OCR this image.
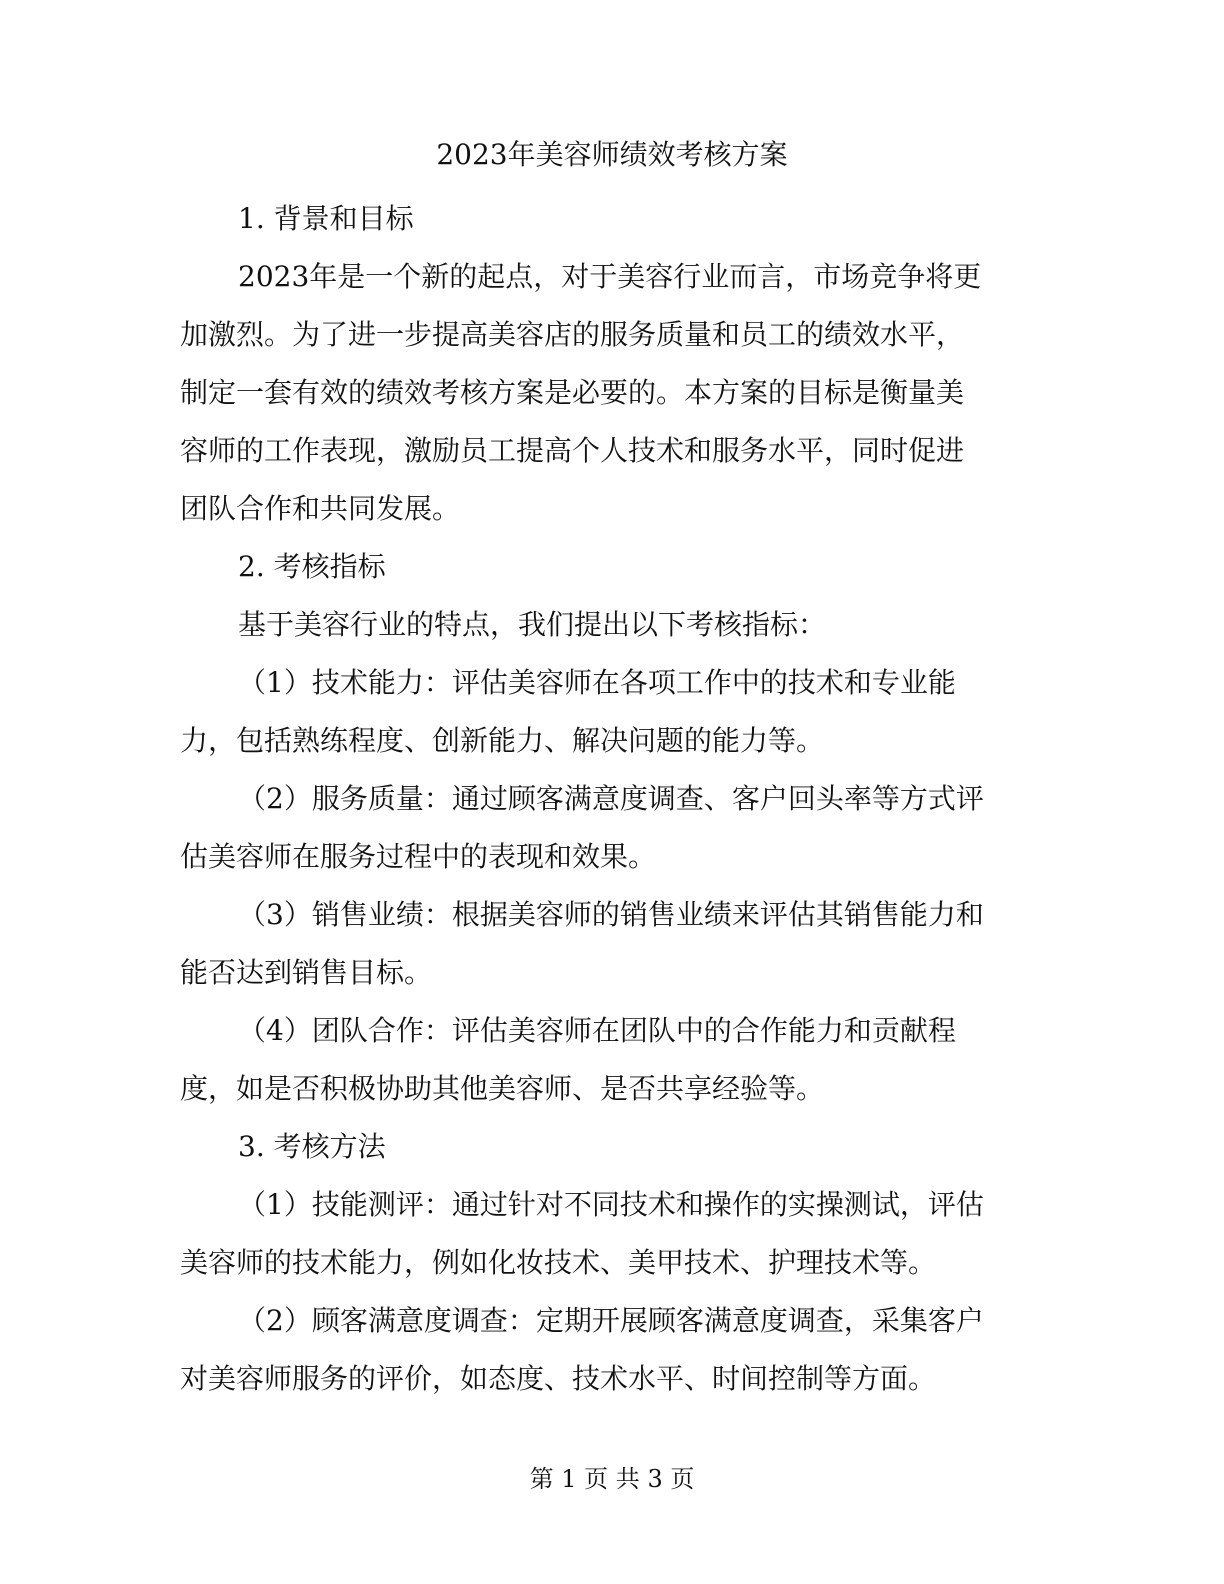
2023年美容师绩效考核方案
1. 背景和目标
2023年是一个新的起点，对于美容行业而言，市场竞争将更
加激烈。为了进一步提高美容店的服务质量和员工的绩效水平，
制定一套有效的绩效考核方案是必要的。本方案的目标是衡量美
容师的工作表现，激励员工提高个人技术和服务水平，同时促进
团队合作和共同发展。
2. 考核指标
基于美容行业的特点，我们提出以下考核指标：
（1）技术能力：评估美容师在各项工作中的技术和专业能
力，包括熟练程度、创新能力、解决问题的能力等。
（2）服务质量：通过顾客满意度调查、客户回头率等方式评
估美容师在服务过程中的表现和效果。
（3）销售业绩：根据美容师的销售业绩来评估其销售能力和
能否达到销售目标。
（4）团队合作：评估美容师在团队中的合作能力和贡献程
度，如是否积极协助其他美容师、是否共享经验等。
3. 考核方法
（1）技能测评：通过针对不同技术和操作的实操测试，评估
美容师的技术能力，例如化妆技术、美甲技术、护理技术等。
（2）顾客满意度调查：定期开展顾客满意度调查，采集客户
对美容师服务的评价，如态度、技术水平、时间控制等方面。
第 1 页 共 3 页
